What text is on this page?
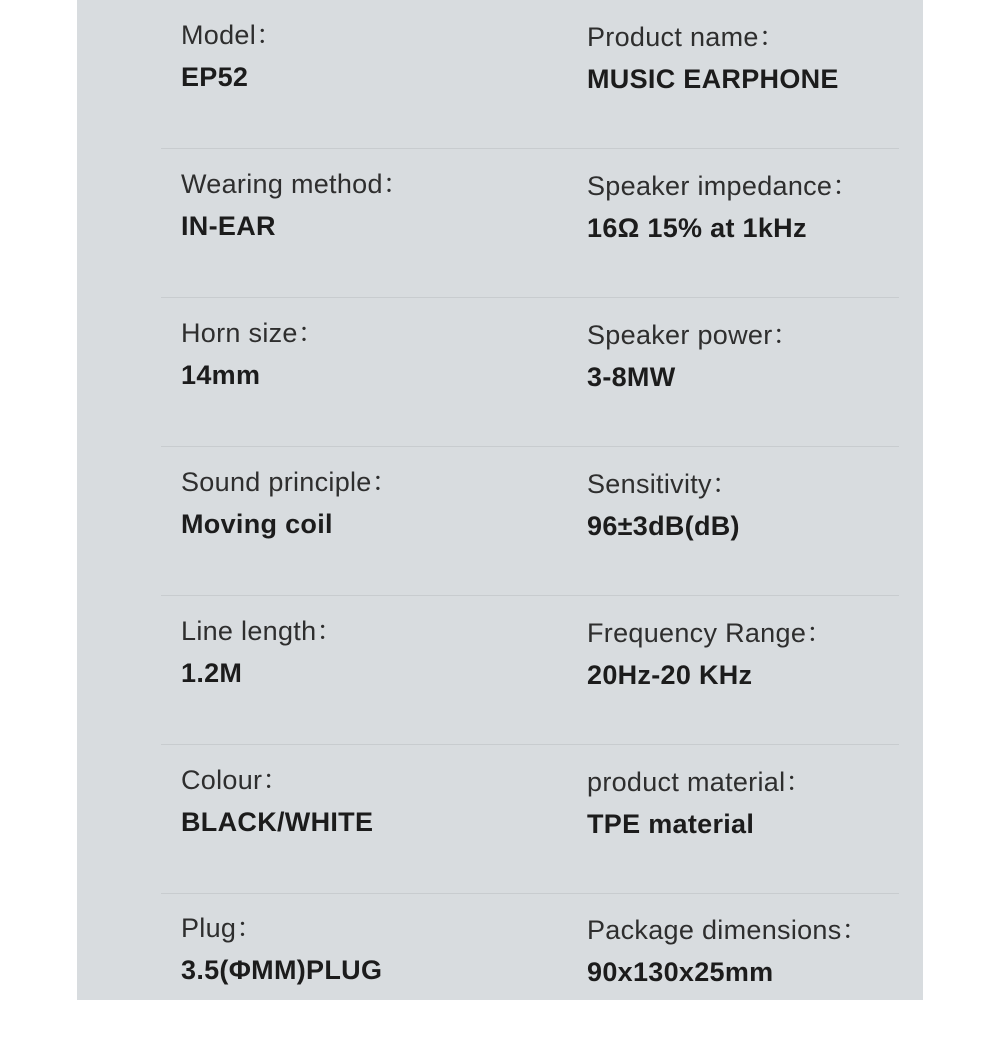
Model：
EP52
Product name：
MUSIC EARPHONE
Wearing method：
IN-EAR
Speaker impedance：
16Ω 15% at 1kHz
Horn size：
14mm
Speaker power：
3-8MW
Sound principle：
Moving coil
Sensitivity：
96±3dB(dB)
Line length：
1.2M
Frequency Range：
20Hz-20 KHz
Colour：
BLACK/WHITE
product material：
TPE material
Plug：
3.5(ΦMM)PLUG
Package dimensions：
90x130x25mm
